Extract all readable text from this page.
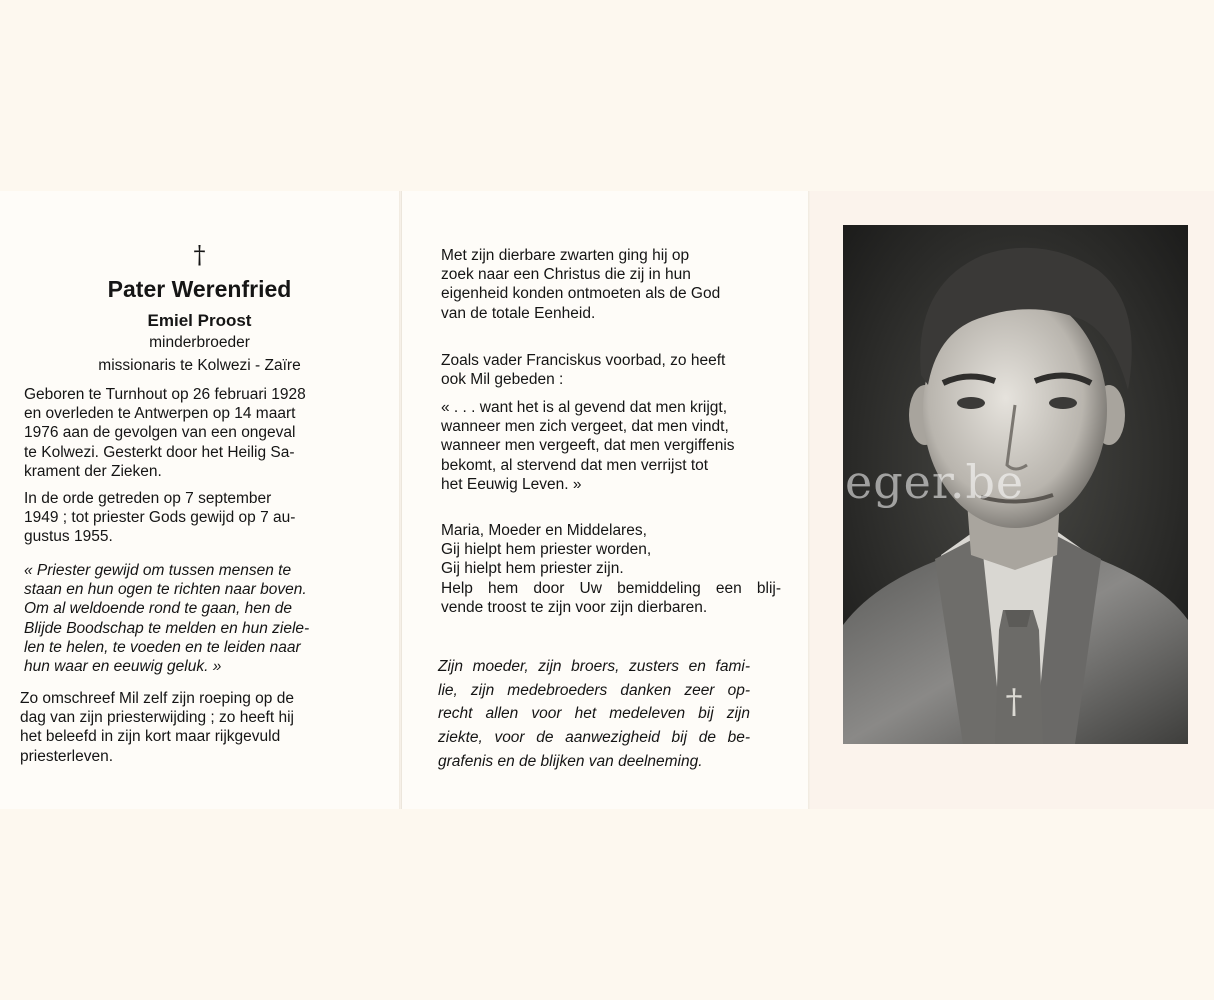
†
Pater Werenfried
Emiel Proost
minderbroeder
missionaris te Kolwezi - Zaïre
Geboren te Turnhout op 26 februari 1928
en overleden te Antwerpen op 14 maart
1976 aan de gevolgen van een ongeval
te Kolwezi. Gesterkt door het Heilig Sa-
krament der Zieken.
In de orde getreden op 7 september
1949 ; tot priester Gods gewijd op 7 au-
gustus 1955.
« Priester gewijd om tussen mensen te
staan en hun ogen te richten naar boven.
Om al weldoende rond te gaan, hen de
Blijde Boodschap te melden en hun ziele-
len te helen, te voeden en te leiden naar
hun waar en eeuwig geluk. »
Zo omschreef Mil zelf zijn roeping op de
dag van zijn priesterwijding ; zo heeft hij
het beleefd in zijn kort maar rijkgevuld
priesterleven.
Met zijn dierbare zwarten ging hij op
zoek naar een Christus die zij in hun
eigenheid konden ontmoeten als de God
van de totale Eenheid.
Zoals vader Franciskus voorbad, zo heeft
ook Mil gebeden :
« . . . want het is al gevend dat men krijgt,
wanneer men zich vergeet, dat men vindt,
wanneer men vergeeft, dat men vergiffenis
bekomt, al stervend dat men verrijst tot
het Eeuwig Leven. »
Maria, Moeder en Middelares,
Gij hielpt hem priester worden,
Gij hielpt hem priester zijn.
Help hem door Uw bemiddeling een blij-
vende troost te zijn voor zijn dierbaren.
Zijn moeder, zijn broers, zusters en fami-
lie, zijn medebroeders danken zeer op-
recht allen voor het medeleven bij zijn
ziekte, voor de aanwezigheid bij de be-
grafenis en de blijken van deelneming.
†
eger.be
